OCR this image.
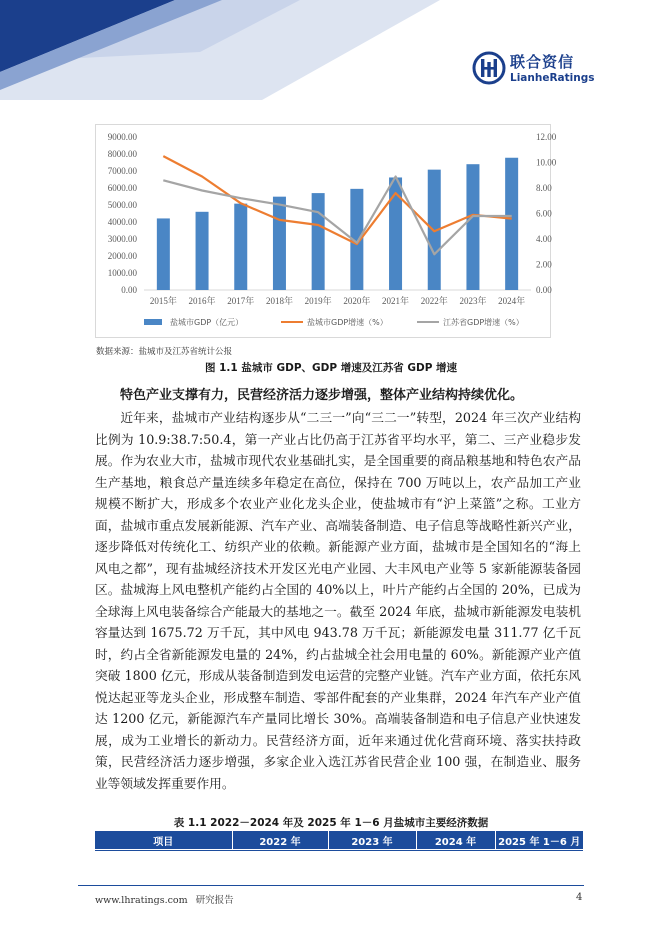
联合资信
LianheRatings
0.00
1000.00
2000.00
3000.00
4000.00
5000.00
6000.00
7000.00
8000.00
9000.00
0.00
2.00
4.00
6.00
8.00
10.00
12.00
2015年 2016年 2017年 2018年 2019年 2020年 2021年 2022年 2023年 2024年
盐城市GDP（亿元）	盐城市GDP增速（%）	江苏省GDP增速（%）
数据来源：盐城市及江苏省统计公报
图 1.1 盐城市 GDP、GDP 增速及江苏省 GDP 增速
特色产业支撑有力，民营经济活力逐步增强，整体产业结构持续优化。

近年来，盐城市产业结构逐步从“二三一”向“三二一”转型，2024 年三次产业结构比例为 10.9:38.7:50.4，第一产业占比仍高于江苏省平均水平，第二、三产业稳步发展。作为农业大市，盐城市现代农业基础扎实，是全国重要的商品粮基地和特色农产品生产基地，粮食总产量连续多年稳定在高位，保持在 700 万吨以上，农产品加工产业规模不断扩大，形成多个农业产业化龙头企业，使盐城市有“沪上菜篮”之称。工业方面，盐城市重点发展新能源、汽车产业、高端装备制造、电子信息等战略性新兴产业，逐步降低对传统化工、纺织产业的依赖。新能源产业方面，盐城市是全国知名的“海上风电之都”，现有盐城经济技术开发区光电产业园、大丰风电产业等 5 家新能源装备园区。盐城海上风电整机产能约占全国的 40%以上，叶片产能约占全国的 20%，已成为全球海上风电装备综合产能最大的基地之一。截至 2024 年底，盐城市新能源发电装机容量达到 1675.72 万千瓦，其中风电 943.78 万千瓦；新能源发电量 311.77 亿千瓦时，约占全省新能源发电量的 24%，约占盐城全社会用电量的 60%。新能源产业产值突破 1800 亿元，形成从装备制造到发电运营的完整产业链。汽车产业方面，依托东风悦达起亚等龙头企业，形成整车制造、零部件配套的产业集群，2024 年汽车产业产值达 1200 亿元，新能源汽车产量同比增长 30%。高端装备制造和电子信息产业快速发展，成为工业增长的新动力。民营经济方面，近年来通过优化营商环境、落实扶持政策，民营经济活力逐步增强，多家企业入选江苏省民营企业 100 强，在制造业、服务业等领域发挥重要作用。

表 1.1 2022－2024 年及 2025 年 1－6 月盐城市主要经济数据
项目	2022 年	2023 年	2024 年	2025 年 1－6 月
www.lhratings.com 研究报告	4
